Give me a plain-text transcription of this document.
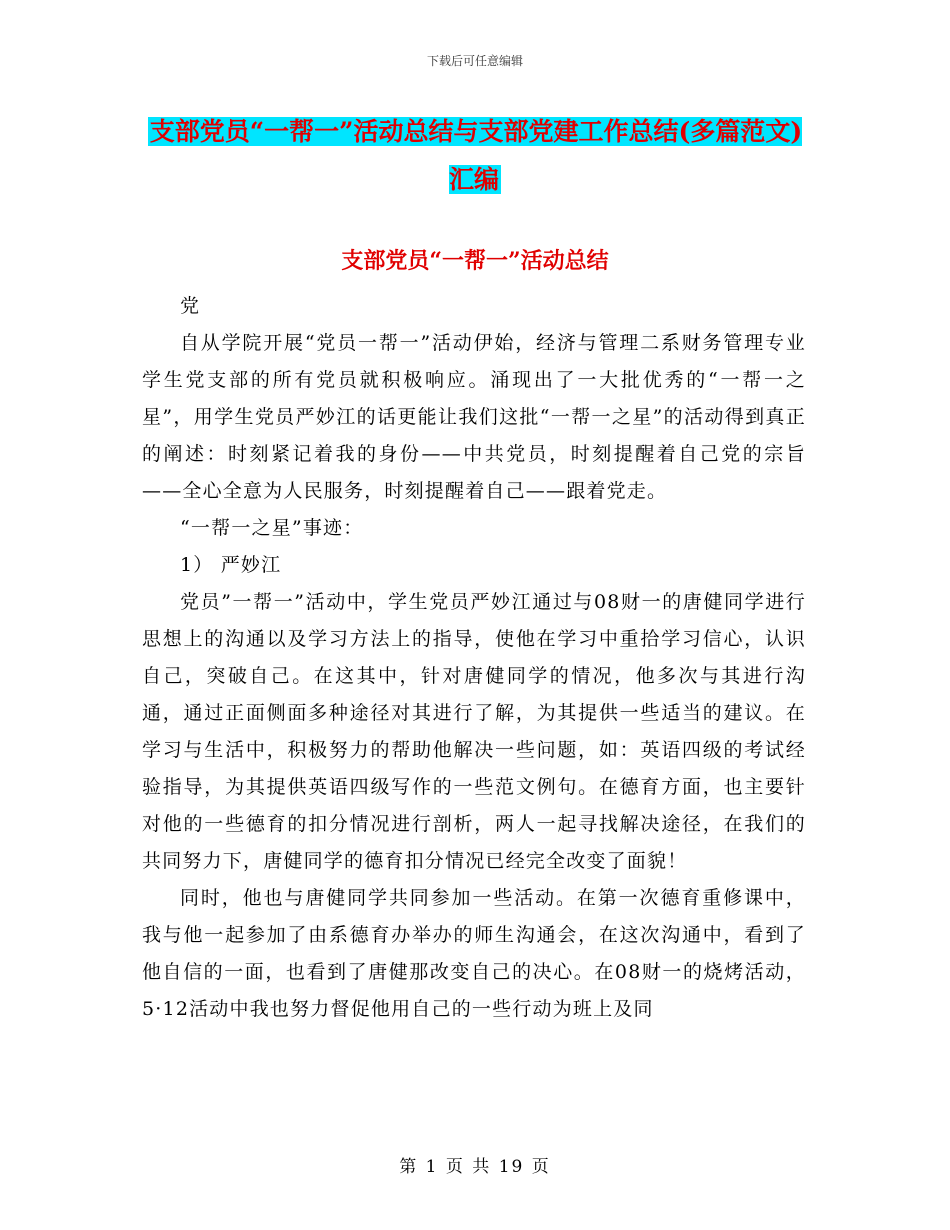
下载后可任意编辑
支部党员“一帮一”活动总结与支部党建工作总结(多篇范文)汇编
支部党员“一帮一”活动总结

党

自从学院开展“党员一帮一”活动伊始，经济与管理二系财务管理专业学生党支部的所有党员就积极响应。涌现出了一大批优秀的“一帮一之星”，用学生党员严妙江的话更能让我们这批“一帮一之星”的活动得到真正的阐述：时刻紧记着我的身份——中共党员，时刻提醒着自己党的宗旨——全心全意为人民服务，时刻提醒着自己——跟着党走。

“一帮一之星”事迹：

1） 严妙江

党员”一帮一”活动中，学生党员严妙江通过与08财一的唐健同学进行思想上的沟通以及学习方法上的指导，使他在学习中重拾学习信心，认识自己，突破自己。在这其中，针对唐健同学的情况，他多次与其进行沟通，通过正面侧面多种途径对其进行了解，为其提供一些适当的建议。在学习与生活中，积极努力的帮助他解决一些问题，如：英语四级的考试经验指导，为其提供英语四级写作的一些范文例句。在德育方面，也主要针对他的一些德育的扣分情况进行剖析，两人一起寻找解决途径，在我们的共同努力下，唐健同学的德育扣分情况已经完全改变了面貌！

同时，他也与唐健同学共同参加一些活动。在第一次德育重修课中，我与他一起参加了由系德育办举办的师生沟通会，在这次沟通中，看到了他自信的一面，也看到了唐健那改变自己的决心。在08财一的烧烤活动，5·12活动中我也努力督促他用自己的一些行动为班上及同

第 1 页 共 19 页
